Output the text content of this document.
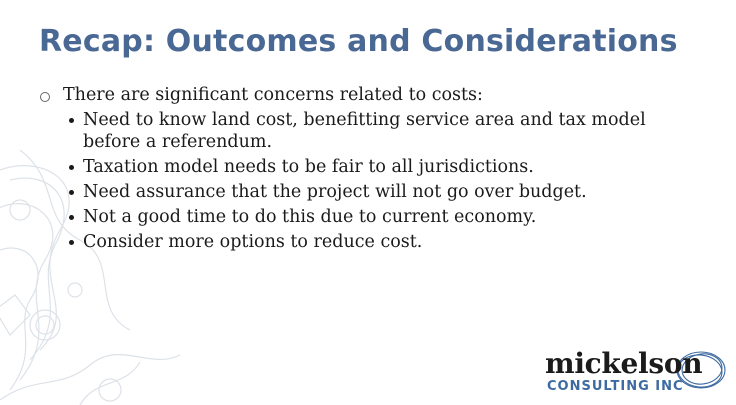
Recap: Outcomes and Considerations
There are significant concerns related to costs:
Need to know land cost, benefitting service area and tax model before a referendum.
Taxation model needs to be fair to all jurisdictions.
Need assurance that the project will not go over budget.
Not a good time to do this due to current economy.
Consider more options to reduce cost.
mickelson
CONSULTING INC
